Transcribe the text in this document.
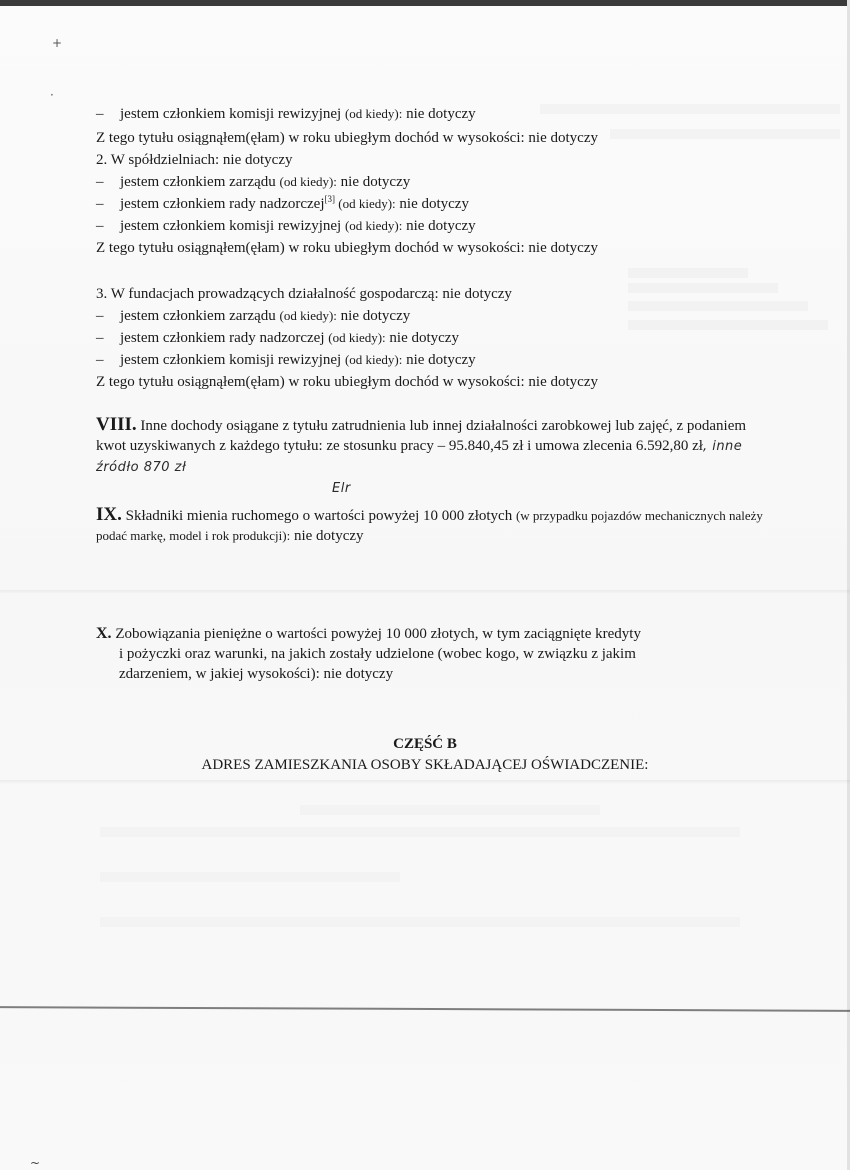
+
·
– jestem członkiem komisji rewizyjnej (od kiedy): nie dotyczy
Z tego tytułu osiągnąłem(ęłam) w roku ubiegłym dochód w wysokości: nie dotyczy
2. W spółdzielniach: nie dotyczy
– jestem członkiem zarządu (od kiedy): nie dotyczy
– jestem członkiem rady nadzorczej[3] (od kiedy): nie dotyczy
– jestem członkiem komisji rewizyjnej (od kiedy): nie dotyczy
Z tego tytułu osiągnąłem(ęłam) w roku ubiegłym dochód w wysokości: nie dotyczy
3. W fundacjach prowadzących działalność gospodarczą: nie dotyczy
– jestem członkiem zarządu (od kiedy): nie dotyczy
– jestem członkiem rady nadzorczej (od kiedy): nie dotyczy
– jestem członkiem komisji rewizyjnej (od kiedy): nie dotyczy
Z tego tytułu osiągnąłem(ęłam) w roku ubiegłym dochód w wysokości: nie dotyczy
VIII. Inne dochody osiągane z tytułu zatrudnienia lub innej działalności zarobkowej lub zajęć, z podaniem kwot uzyskiwanych z każdego tytułu: ze stosunku pracy – 95.840,45 zł i umowa zlecenia 6.592,80 zł, inne źródło 870 zł
Elr
IX. Składniki mienia ruchomego o wartości powyżej 10 000 złotych (w przypadku pojazdów mechanicznych należy podać markę, model i rok produkcji): nie dotyczy
X. Zobowiązania pieniężne o wartości powyżej 10 000 złotych, w tym zaciągnięte kredyty
i pożyczki oraz warunki, na jakich zostały udzielone (wobec kogo, w związku z jakim
zdarzeniem, w jakiej wysokości): nie dotyczy
CZĘŚĆ B
ADRES ZAMIESZKANIA OSOBY SKŁADAJĄCEJ OŚWIADCZENIE:
~
